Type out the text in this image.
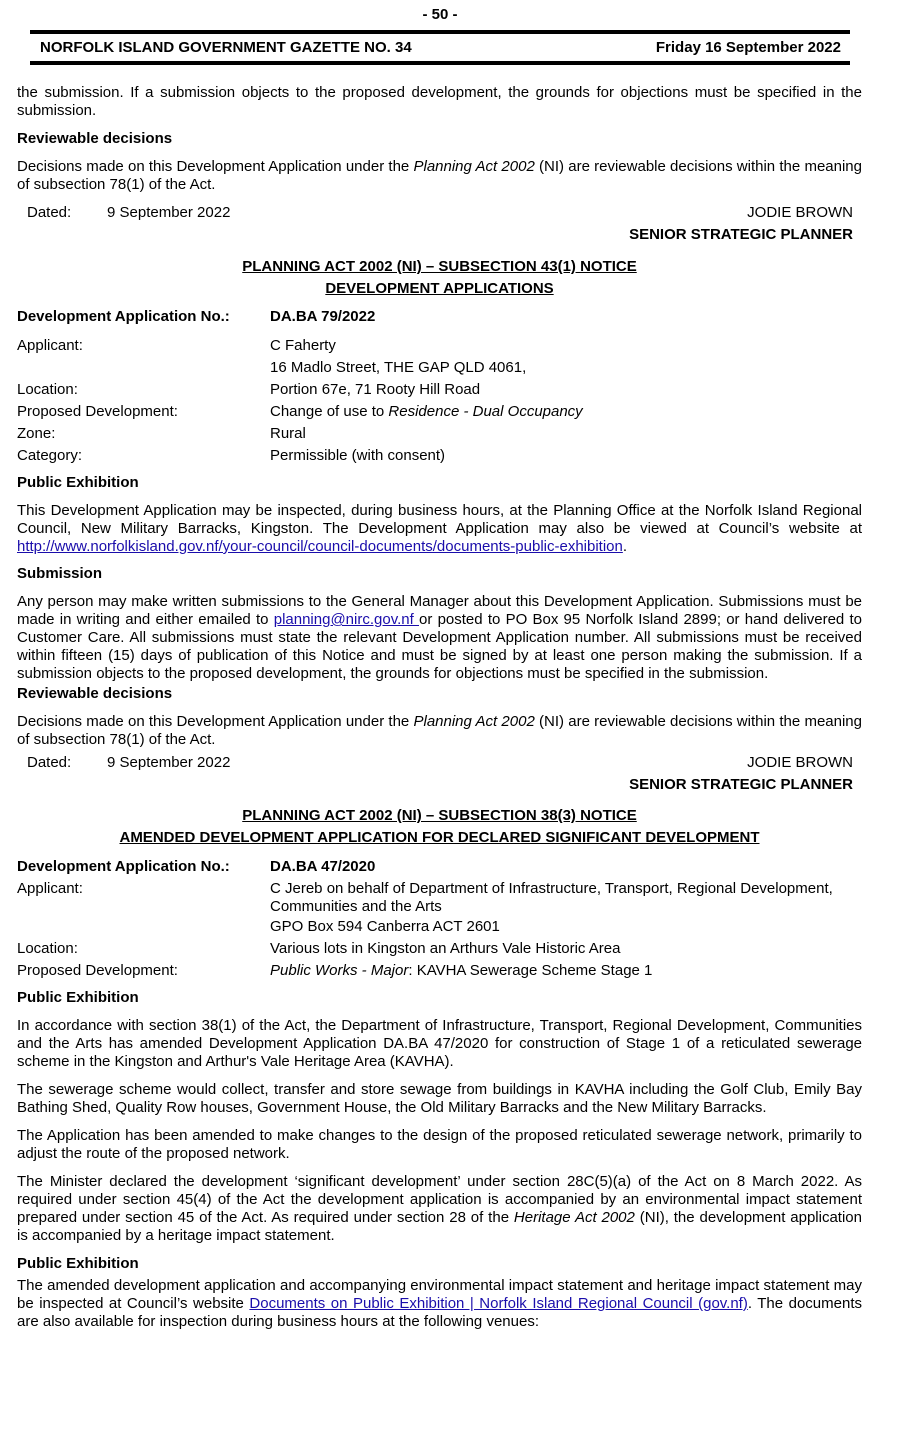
- 50 -
NORFOLK ISLAND GOVERNMENT GAZETTE NO. 34	Friday 16 September 2022

the submission. If a submission objects to the proposed development, the grounds for objections must be specified in the submission.

Reviewable decisions

Decisions made on this Development Application under the Planning Act 2002 (NI) are reviewable decisions within the meaning of subsection 78(1) of the Act.

Dated: 9 September 2022	JODIE BROWN
SENIOR STRATEGIC PLANNER
PLANNING ACT 2002 (NI) – SUBSECTION 43(1) NOTICE
DEVELOPMENT APPLICATIONS
Development Application No.:	DA.BA 79/2022
Applicant:	C Faherty
16 Madlo Street, THE GAP QLD 4061,
Location:	Portion 67e, 71 Rooty Hill Road
Proposed Development:	Change of use to Residence - Dual Occupancy
Zone:	Rural
Category:	Permissible (with consent)
Public Exhibition

This Development Application may be inspected, during business hours, at the Planning Office at the Norfolk Island Regional Council, New Military Barracks, Kingston. The Development Application may also be viewed at Council’s website at http://www.norfolkisland.gov.nf/your-council/council-documents/documents-public-exhibition.

Submission

Any person may make written submissions to the General Manager about this Development Application. Submissions must be made in writing and either emailed to planning@nirc.gov.nf or posted to PO Box 95 Norfolk Island 2899; or hand delivered to Customer Care. All submissions must state the relevant Development Application number. All submissions must be received within fifteen (15) days of publication of this Notice and must be signed by at least one person making the submission. If a submission objects to the proposed development, the grounds for objections must be specified in the submission.

Reviewable decisions

Decisions made on this Development Application under the Planning Act 2002 (NI) are reviewable decisions within the meaning of subsection 78(1) of the Act.

Dated: 9 September 2022	JODIE BROWN
SENIOR STRATEGIC PLANNER
PLANNING ACT 2002 (NI) – SUBSECTION 38(3) NOTICE
AMENDED DEVELOPMENT APPLICATION FOR DECLARED SIGNIFICANT DEVELOPMENT
Development Application No.:	DA.BA 47/2020
Applicant:	C Jereb on behalf of Department of Infrastructure, Transport, Regional Development, Communities and the Arts
GPO Box 594 Canberra ACT 2601
Location:	Various lots in Kingston an Arthurs Vale Historic Area
Proposed Development:	Public Works - Major: KAVHA Sewerage Scheme Stage 1
Public Exhibition

In accordance with section 38(1) of the Act, the Department of Infrastructure, Transport, Regional Development, Communities and the Arts has amended Development Application DA.BA 47/2020 for construction of Stage 1 of a reticulated sewerage scheme in the Kingston and Arthur's Vale Heritage Area (KAVHA).

The sewerage scheme would collect, transfer and store sewage from buildings in KAVHA including the Golf Club, Emily Bay Bathing Shed, Quality Row houses, Government House, the Old Military Barracks and the New Military Barracks.

The Application has been amended to make changes to the design of the proposed reticulated sewerage network, primarily to adjust the route of the proposed network.

The Minister declared the development ‘significant development’ under section 28C(5)(a) of the Act on 8 March 2022. As required under section 45(4) of the Act the development application is accompanied by an environmental impact statement prepared under section 45 of the Act. As required under section 28 of the Heritage Act 2002 (NI), the development application is accompanied by a heritage impact statement.

Public Exhibition

The amended development application and accompanying environmental impact statement and heritage impact statement may be inspected at Council’s website Documents on Public Exhibition | Norfolk Island Regional Council (gov.nf). The documents are also available for inspection during business hours at the following venues:
